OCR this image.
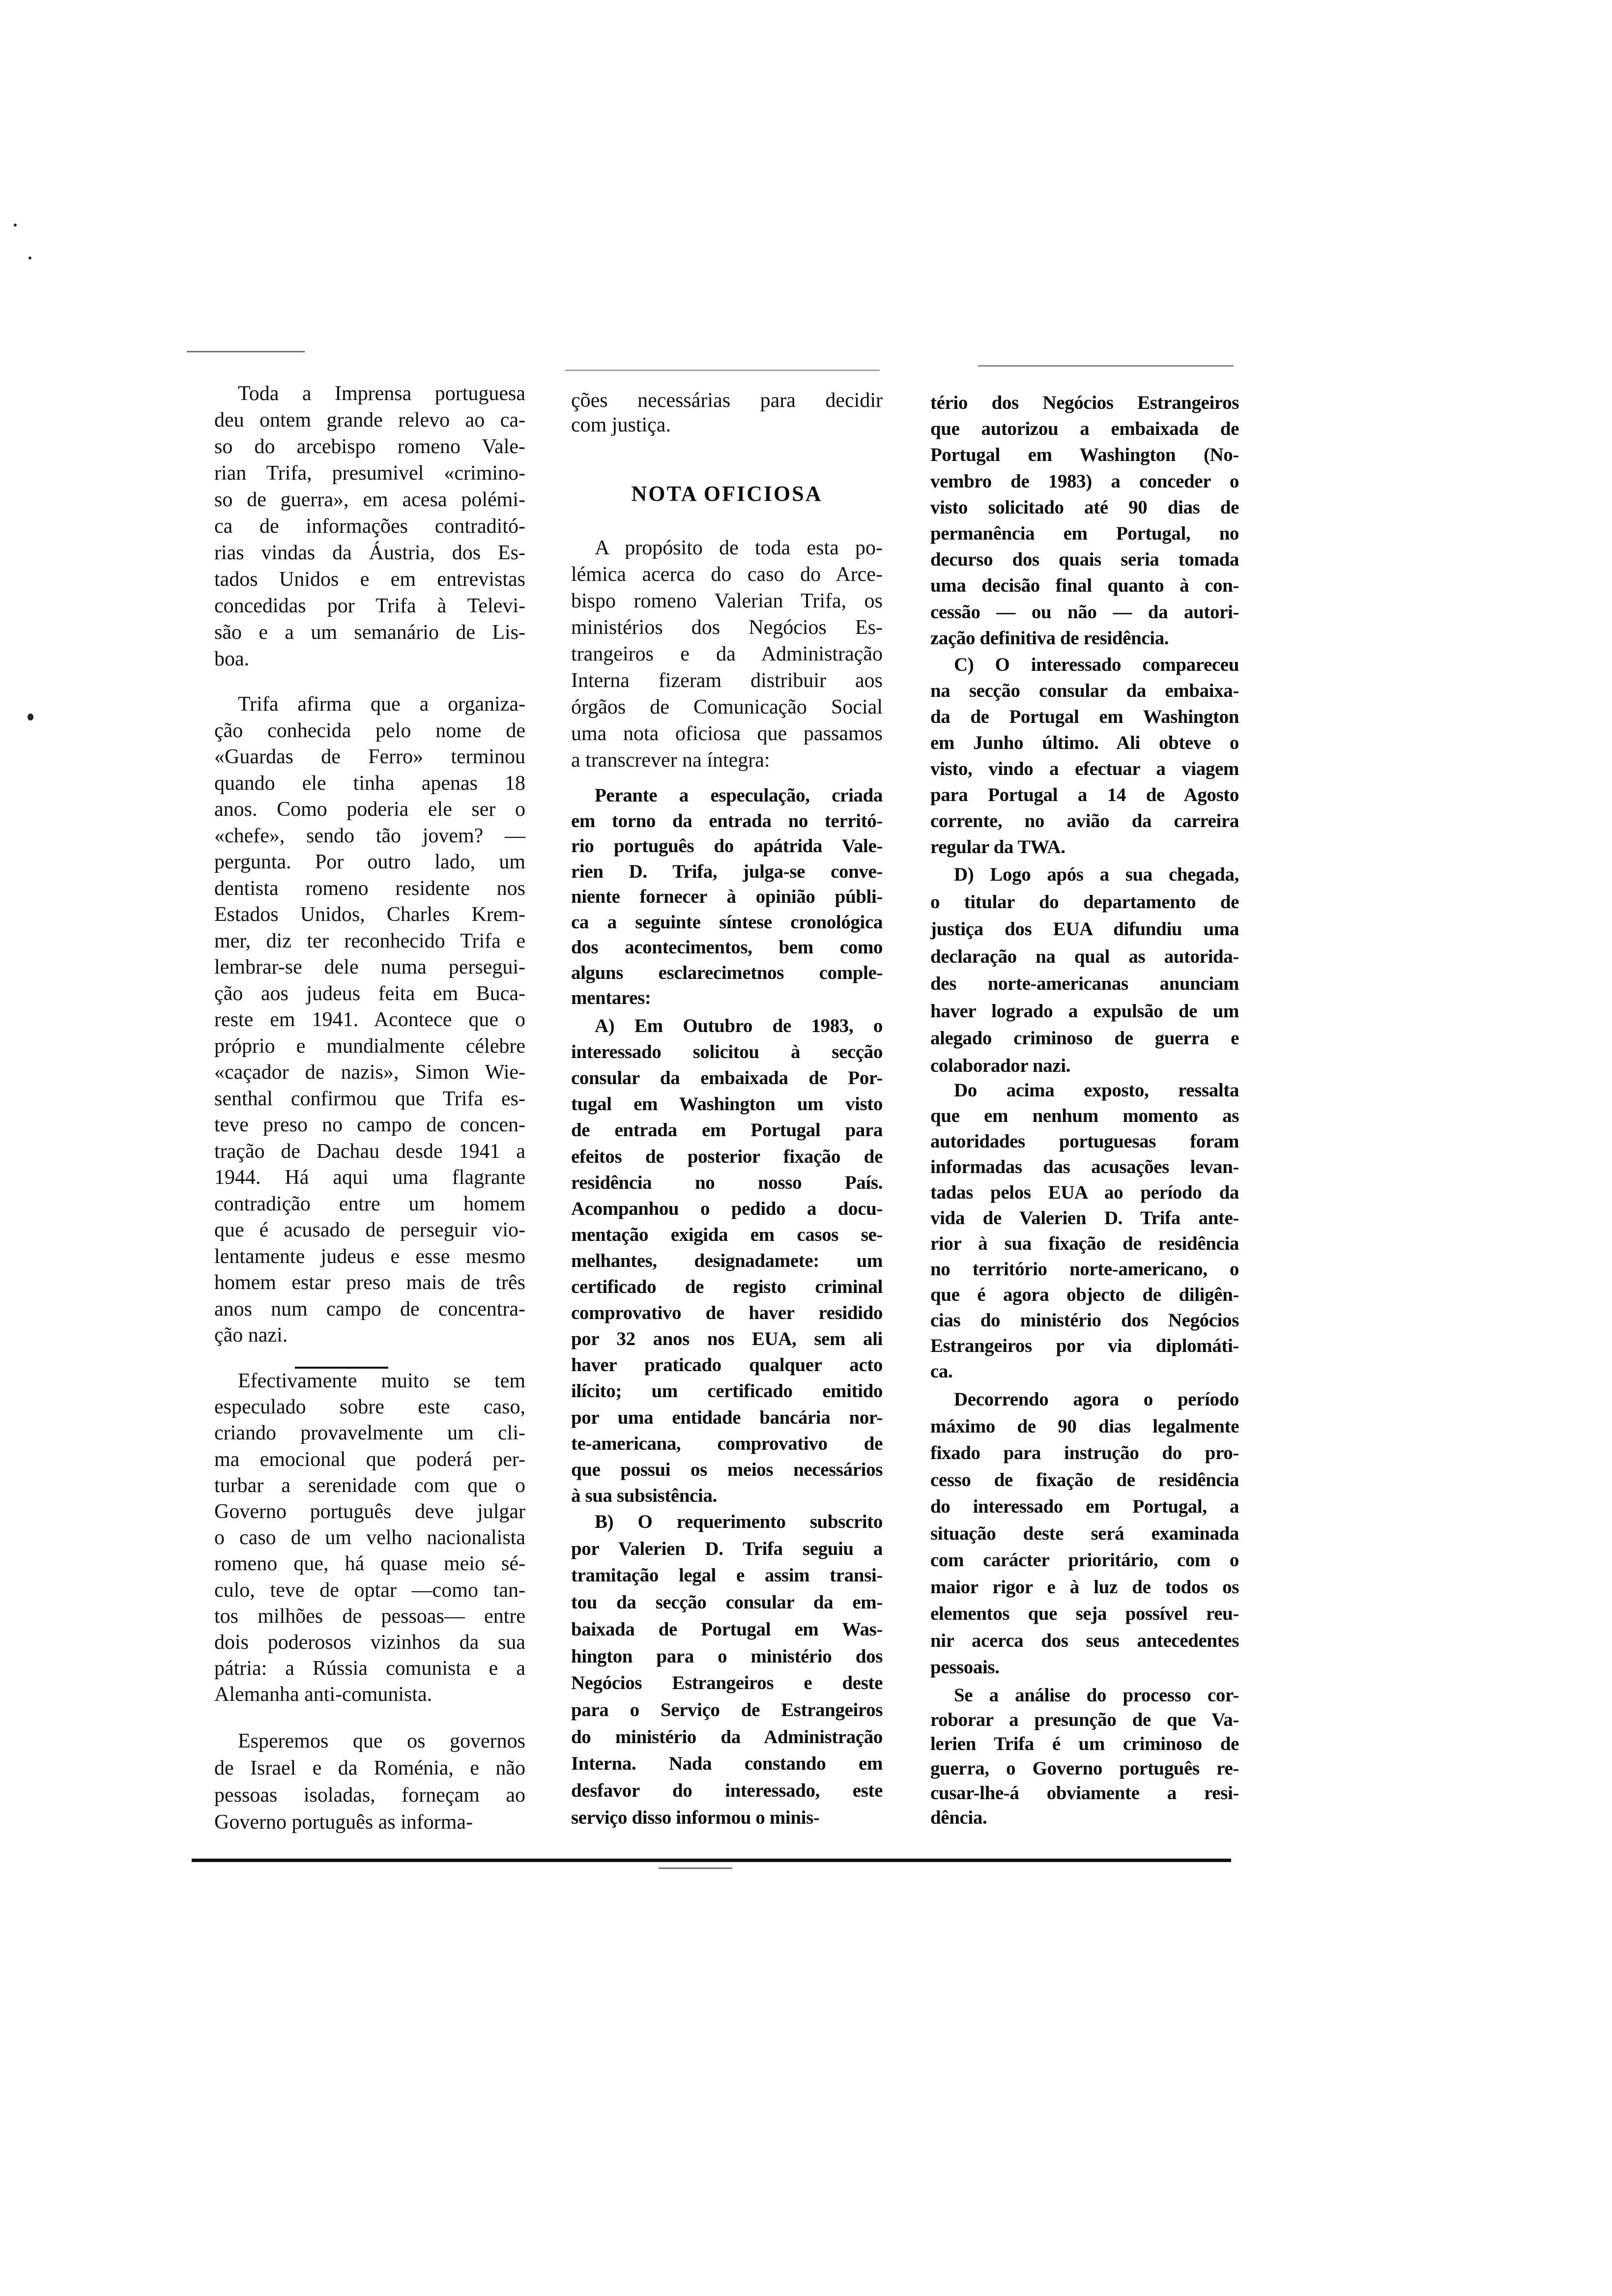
NOTA OFICIOSA
Toda a Imprensa portuguesa
deu ontem grande relevo ao ca-
so do arcebispo romeno Vale-
rian Trifa, presumivel «crimino-
so de guerra», em acesa polémi-
ca de informações contraditó-
rias vindas da Áustria, dos Es-
tados Unidos e em entrevistas
concedidas por Trifa à Televi-
são e a um semanário de Lis-
boa.
Trifa afirma que a organiza-
ção conhecida pelo nome de
«Guardas de Ferro» terminou
quando ele tinha apenas 18
anos. Como poderia ele ser o
«chefe», sendo tão jovem? —
pergunta. Por outro lado, um
dentista romeno residente nos
Estados Unidos, Charles Krem-
mer, diz ter reconhecido Trifa e
lembrar-se dele numa persegui-
ção aos judeus feita em Buca-
reste em 1941. Acontece que o
próprio e mundialmente célebre
«caçador de nazis», Simon Wie-
senthal confirmou que Trifa es-
teve preso no campo de concen-
tração de Dachau desde 1941 a
1944. Há aqui uma flagrante
contradição entre um homem
que é acusado de perseguir vio-
lentamente judeus e esse mesmo
homem estar preso mais de três
anos num campo de concentra-
ção nazi.
Efectivamente muito se tem
especulado sobre este caso,
criando provavelmente um cli-
ma emocional que poderá per-
turbar a serenidade com que o
Governo português deve julgar
o caso de um velho nacionalista
romeno que, há quase meio sé-
culo, teve de optar —como tan-
tos milhões de pessoas— entre
dois poderosos vizinhos da sua
pátria: a Rússia comunista e a
Alemanha anti-comunista.
Esperemos que os governos
de Israel e da Roménia, e não
pessoas isoladas, forneçam ao
Governo português as informa-
ções necessárias para decidir
com justiça.
A propósito de toda esta po-
lémica acerca do caso do Arce-
bispo romeno Valerian Trifa, os
ministérios dos Negócios Es-
trangeiros e da Administração
Interna fizeram distribuir aos
órgãos de Comunicação Social
uma nota oficiosa que passamos
a transcrever na íntegra:
Perante a especulação, criada
em torno da entrada no territó-
rio português do apátrida Vale-
rien D. Trifa, julga-se conve-
niente fornecer à opinião públi-
ca a seguinte síntese cronológica
dos acontecimentos, bem como
alguns esclarecimetnos comple-
mentares:
A) Em Outubro de 1983, o
interessado solicitou à secção
consular da embaixada de Por-
tugal em Washington um visto
de entrada em Portugal para
efeitos de posterior fixação de
residência no nosso País.
Acompanhou o pedido a docu-
mentação exigida em casos se-
melhantes, designadamete: um
certificado de registo criminal
comprovativo de haver residido
por 32 anos nos EUA, sem ali
haver praticado qualquer acto
ilícito; um certificado emitido
por uma entidade bancária nor-
te-americana, comprovativo de
que possui os meios necessários
à sua subsistência.
B) O requerimento subscrito
por Valerien D. Trifa seguiu a
tramitação legal e assim transi-
tou da secção consular da em-
baixada de Portugal em Was-
hington para o ministério dos
Negócios Estrangeiros e deste
para o Serviço de Estrangeiros
do ministério da Administração
Interna. Nada constando em
desfavor do interessado, este
serviço disso informou o minis-
tério dos Negócios Estrangeiros
que autorizou a embaixada de
Portugal em Washington (No-
vembro de 1983) a conceder o
visto solicitado até 90 dias de
permanência em Portugal, no
decurso dos quais seria tomada
uma decisão final quanto à con-
cessão — ou não — da autori-
zação definitiva de residência.
C) O interessado compareceu
na secção consular da embaixa-
da de Portugal em Washington
em Junho último. Ali obteve o
visto, vindo a efectuar a viagem
para Portugal a 14 de Agosto
corrente, no avião da carreira
regular da TWA.
D) Logo após a sua chegada,
o titular do departamento de
justiça dos EUA difundiu uma
declaração na qual as autorida-
des norte-americanas anunciam
haver logrado a expulsão de um
alegado criminoso de guerra e
colaborador nazi.
Do acima exposto, ressalta
que em nenhum momento as
autoridades portuguesas foram
informadas das acusações levan-
tadas pelos EUA ao período da
vida de Valerien D. Trifa ante-
rior à sua fixação de residência
no território norte-americano, o
que é agora objecto de diligên-
cias do ministério dos Negócios
Estrangeiros por via diplomáti-
ca.
Decorrendo agora o período
máximo de 90 dias legalmente
fixado para instrução do pro-
cesso de fixação de residência
do interessado em Portugal, a
situação deste será examinada
com carácter prioritário, com o
maior rigor e à luz de todos os
elementos que seja possível reu-
nir acerca dos seus antecedentes
pessoais.
Se a análise do processo cor-
roborar a presunção de que Va-
lerien Trifa é um criminoso de
guerra, o Governo português re-
cusar-lhe-á obviamente a resi-
dência.
